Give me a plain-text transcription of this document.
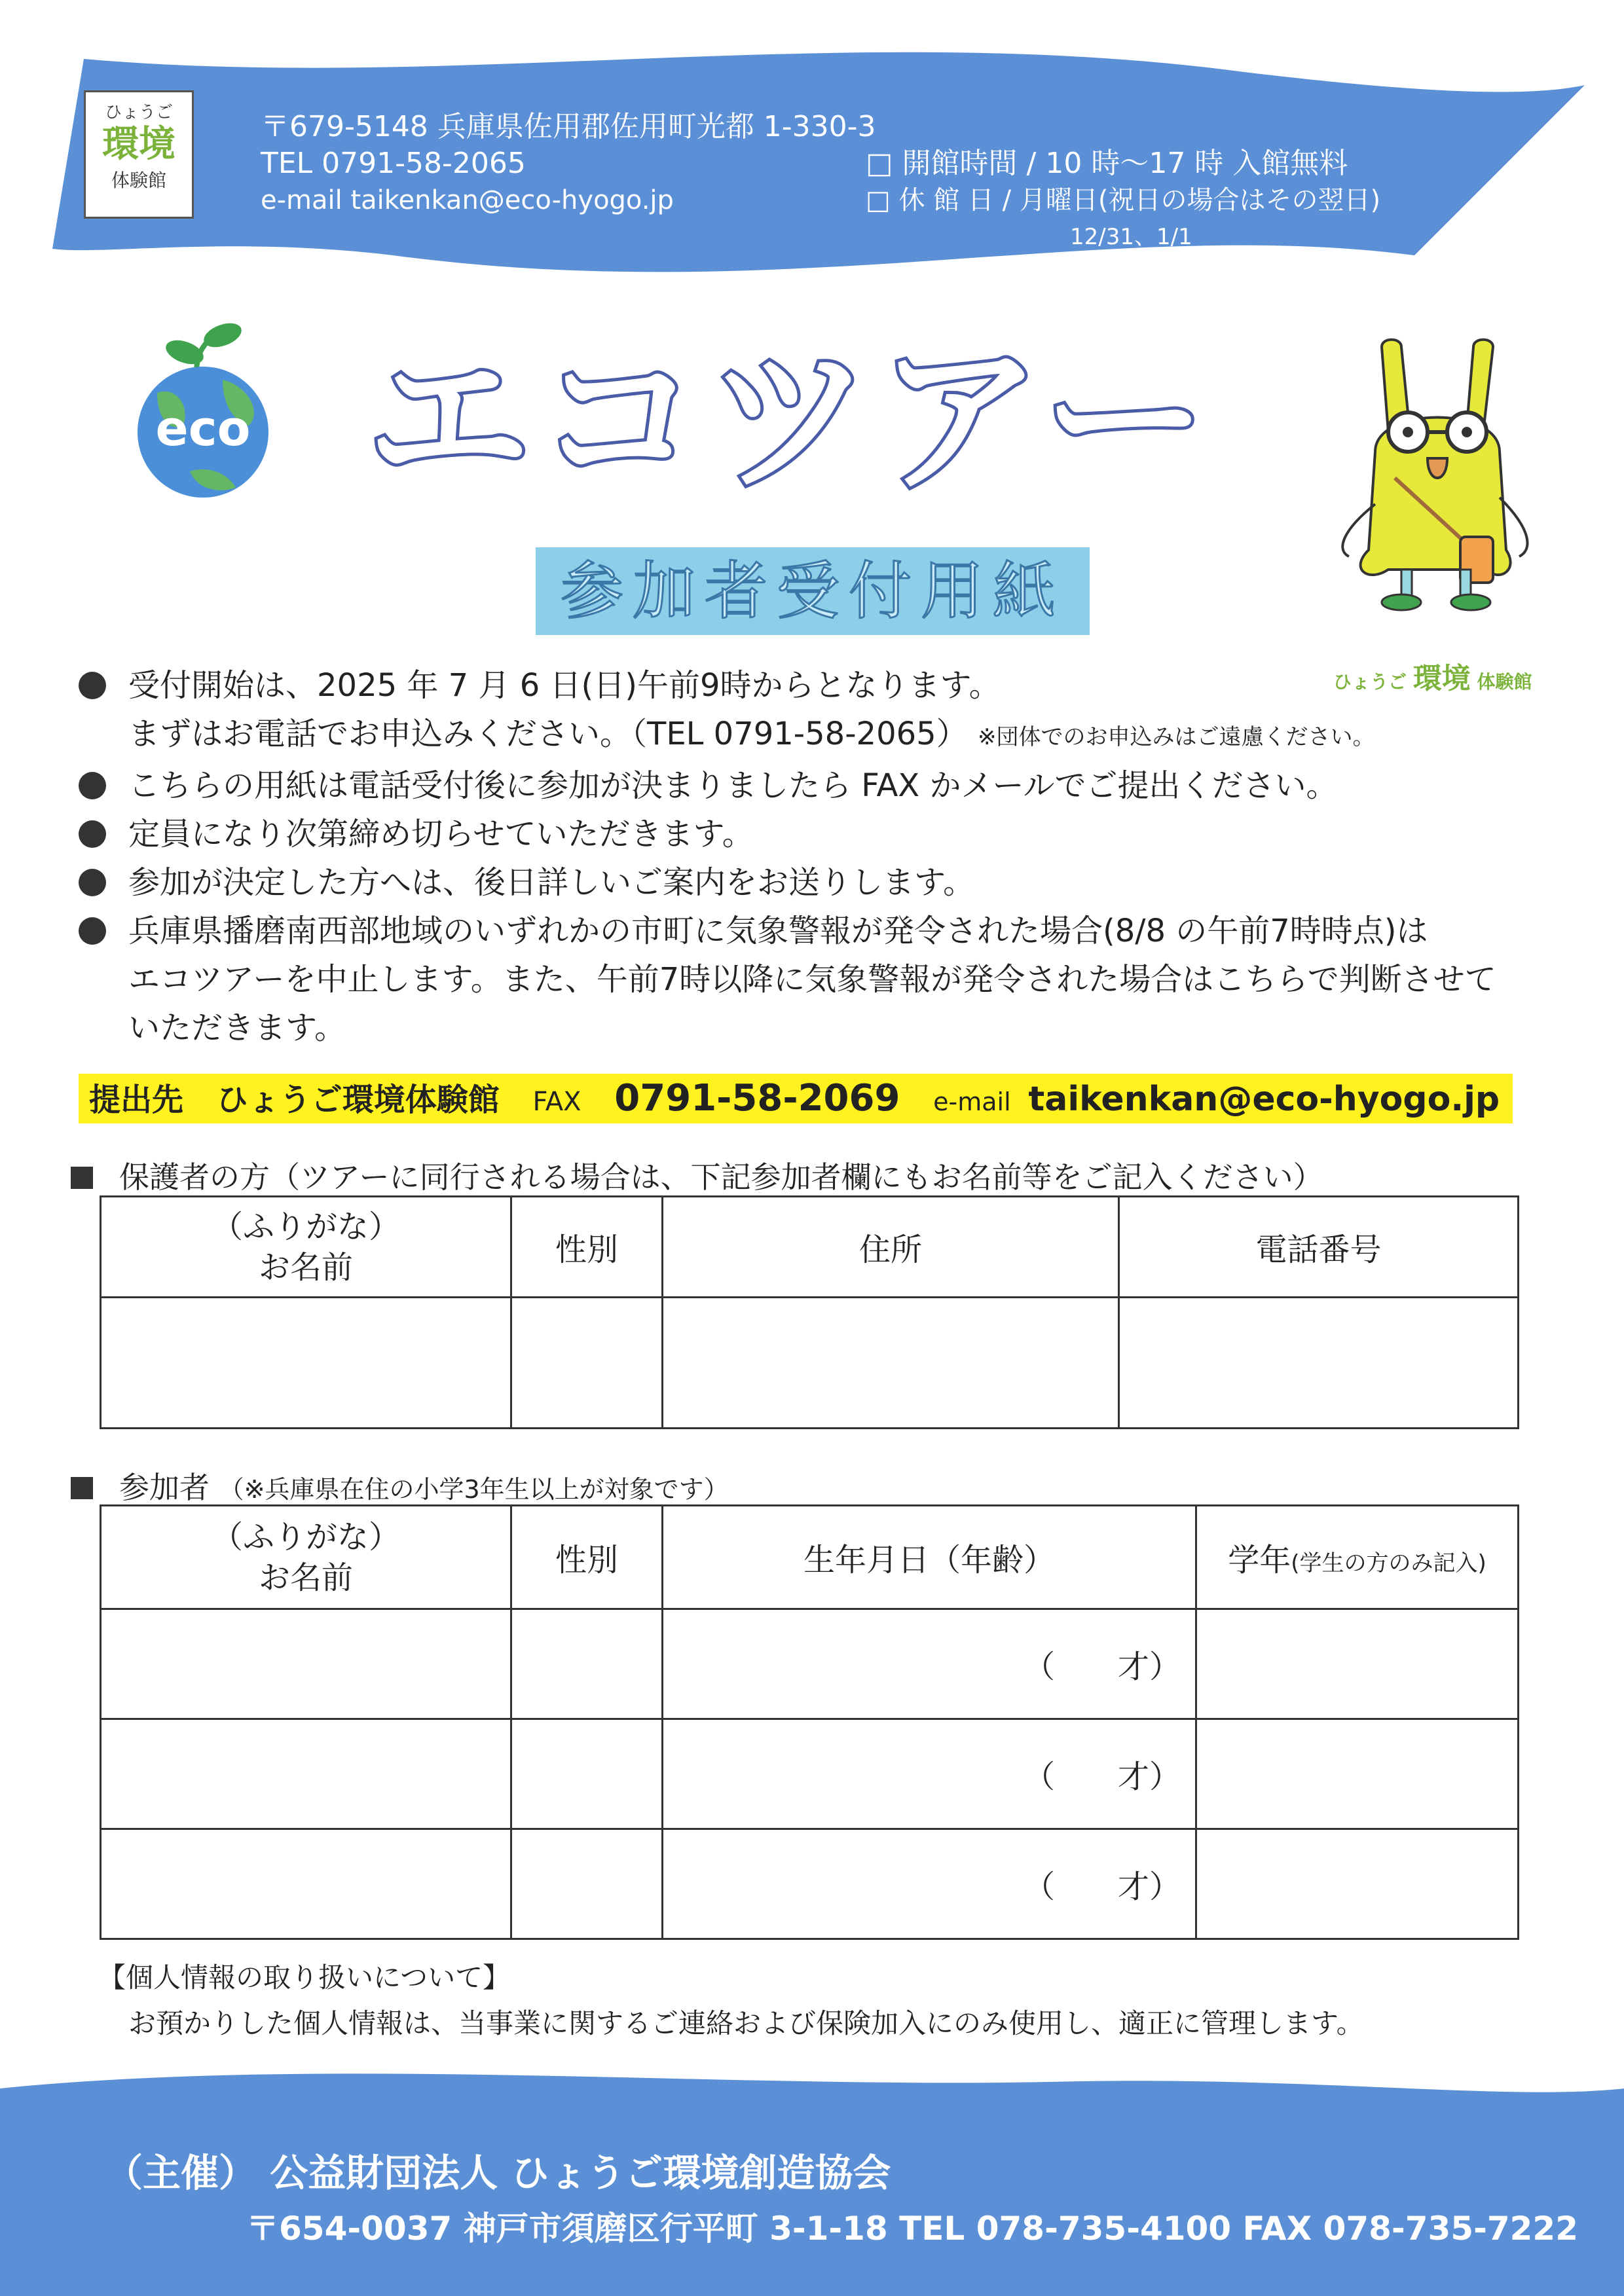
ひょうご
環境
体験館
〒679-5148 兵庫県佐用郡佐用町光都 1-330-3
TEL 0791-58-2065
e-mail taikenkan@eco-hyogo.jp
□ 開館時間 / 10 時～17 時 入館無料
□ 休 館 日 / 月曜日(祝日の場合はその翌日)
12/31、1/1
eco エコツアー
参加者受付用紙
ひょうご 環境 体験館
受付開始は、2025 年 7 月 6 日(日)午前9時からとなります。
まずはお電話でお申込みください。（TEL 0791-58-2065） ※団体でのお申込みはご遠慮ください。
こちらの用紙は電話受付後に参加が決まりましたら FAX かメールでご提出ください。
定員になり次第締め切らせていただきます。
参加が決定した方へは、後日詳しいご案内をお送りします。
兵庫県播磨南西部地域のいずれかの市町に気象警報が発令された場合(8/8 の午前7時時点)は
エコツアーを中止します。また、午前7時以降に気象警報が発令された場合はこちらで判断させて
いただきます。
提出先 ひょうご環境体験館 FAX 0791-58-2069 e-mail taikenkan@eco-hyogo.jp
保護者の方（ツアーに同行される場合は、下記参加者欄にもお名前等をご記入ください）
（ふりがな）
お名前	性別	住所	電話番号

参加者 （※兵庫県在住の小学3年生以上が対象です）
（ふりがな）
お名前	性別	生年月日（年齢）	学年(学生の方のみ記入)
		（　　才）	
		（　　才）	
		（　　才）	
【個人情報の取り扱いについて】
お預かりした個人情報は、当事業に関するご連絡および保険加入にのみ使用し、適正に管理します。
（主催） 公益財団法人 ひょうご環境創造協会
〒654-0037 神戸市須磨区行平町 3-1-18 TEL 078-735-4100 FAX 078-735-7222
